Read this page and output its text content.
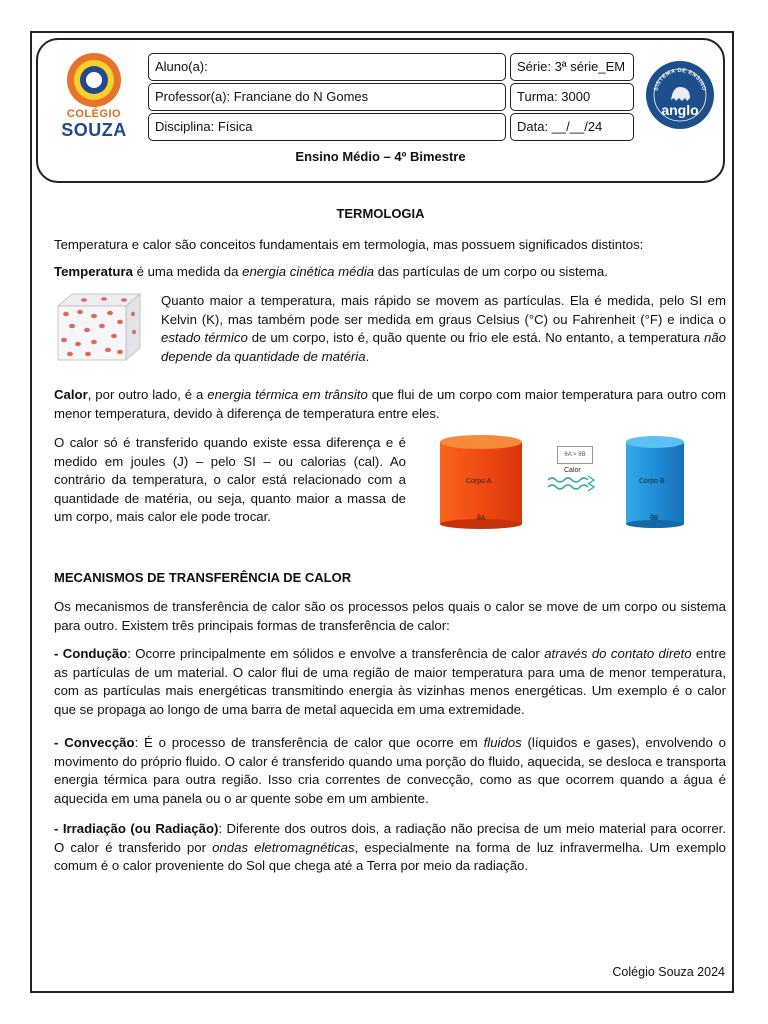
COLÉGIO
SOUZA
Aluno(a):
Professor(a): Franciane do N Gomes
Disciplina: Física
Série: 3ª série_EM
Turma: 3000
Data: __/__/24
SISTEMA DE ENSINO
anglo
Ensino Médio – 4º Bimestre
TERMOLOGIA

Temperatura e calor são conceitos fundamentais em termologia, mas possuem significados distintos:

Temperatura é uma medida da energia cinética média das partículas de um corpo ou sistema.

Quanto maior a temperatura, mais rápido se movem as partículas. Ela é medida, pelo SI em Kelvin (K), mas também pode ser medida em graus Celsius (°C) ou Fahrenheit (°F) e indica o estado térmico de um corpo, isto é, quão quente ou frio ele está. No entanto, a temperatura não depende da quantidade de matéria.

Calor, por outro lado, é a energia térmica em trânsito que flui de um corpo com maior temperatura para outro com menor temperatura, devido à diferença de temperatura entre eles.

O calor só é transferido quando existe essa diferença e é medido em joules (J) – pelo SI – ou calorias (cal). Ao contrário da temperatura, o calor está relacionado com a quantidade de matéria, ou seja, quanto maior a massa de um corpo, mais calor ele pode trocar.

θA > θB
Corpo A	Corpo B
Calor
θA	θB
MECANISMOS DE TRANSFERÊNCIA DE CALOR

Os mecanismos de transferência de calor são os processos pelos quais o calor se move de um corpo ou sistema para outro. Existem três principais formas de transferência de calor:

- Condução: Ocorre principalmente em sólidos e envolve a transferência de calor através do contato direto entre as partículas de um material. O calor flui de uma região de maior temperatura para uma de menor temperatura, com as partículas mais energéticas transmitindo energia às vizinhas menos energéticas. Um exemplo é o calor que se propaga ao longo de uma barra de metal aquecida em uma extremidade.

- Convecção: É o processo de transferência de calor que ocorre em fluidos (líquidos e gases), envolvendo o movimento do próprio fluido. O calor é transferido quando uma porção do fluido, aquecida, se desloca e transporta energia térmica para outra região. Isso cria correntes de convecção, como as que ocorrem quando a água é aquecida em uma panela ou o ar quente sobe em um ambiente.

- Irradiação (ou Radiação): Diferente dos outros dois, a radiação não precisa de um meio material para ocorrer. O calor é transferido por ondas eletromagnéticas, especialmente na forma de luz infravermelha. Um exemplo comum é o calor proveniente do Sol que chega até a Terra por meio da radiação.

Colégio Souza 2024
